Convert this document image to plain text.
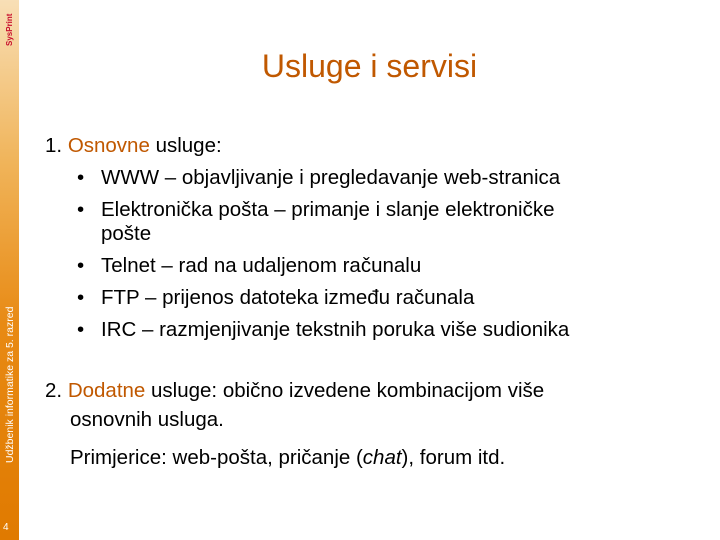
SysPrint
Udžbenik informatike za 5. razred
4
Usluge i servisi
1. Osnovne usluge:
• WWW – objavljivanje i pregledavanje web-stranica
• Elektronička pošta – primanje i slanje elektroničke
pošte
• Telnet – rad na udaljenom računalu
• FTP – prijenos datoteka između računala
• IRC – razmjenjivanje tekstnih poruka više sudionika
2. Dodatne usluge: obično izvedene kombinacijom više
osnovnih usluga.
Primjerice: web-pošta, pričanje (chat), forum itd.
